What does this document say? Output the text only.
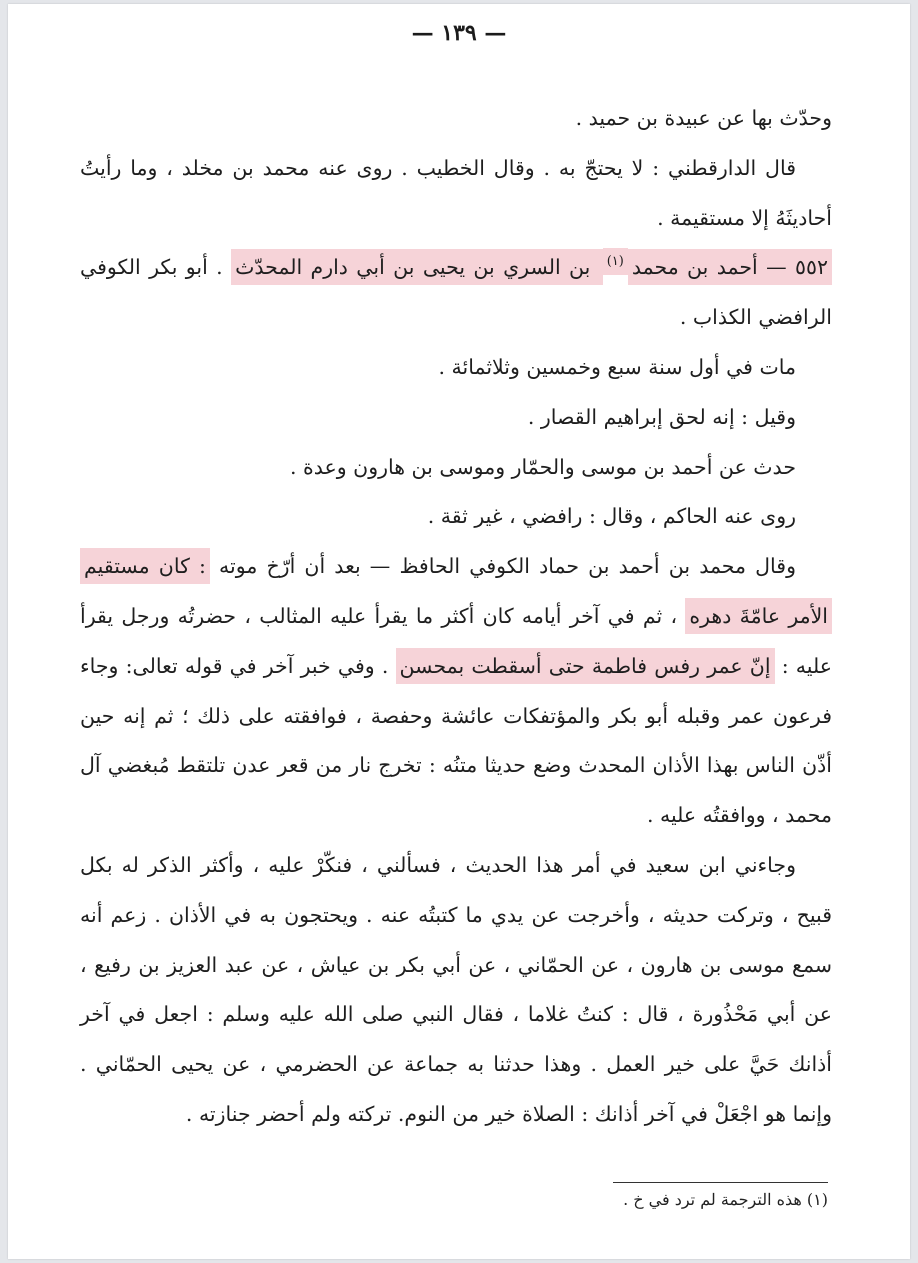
— ١٣٩ —

وحدّث بها عن عبيدة بن حميد .

قال الدارقطني : لا يحتجّ به . وقال الخطيب . روى عنه محمد بن مخلد ، وما رأيتُ أحاديثَهُ إلا مستقيمة .

٥٥٢ — أحمد بن محمد$^{(١)}$ بن السري بن يحيى بن أبي دارم المحدّث . أبو بكر الكوفي الرافضي الكذاب .

مات في أول سنة سبع وخمسين وثلاثمائة .

وقيل : إنه لحق إبراهيم القصار .

حدث عن أحمد بن موسى والحمّار وموسى بن هارون وعدة .

روى عنه الحاكم ، وقال : رافضي ، غير ثقة .

وقال محمد بن أحمد بن حماد الكوفي الحافظ — بعد أن أرّخ موته : كان مستقيم الأمر عامّةَ دهره ، ثم في آخر أيامه كان أكثر ما يقرأ عليه المثالب ، حضرتُه ورجل يقرأ عليه : إنّ عمر رفس فاطمة حتى أسقطت بمحسن . وفي خبر آخر في قوله تعالى: وجاء فرعون عمر وقبله أبو بكر والمؤتفكات عائشة وحفصة ، فوافقته على ذلك ؛ ثم إنه حين أذّن الناس بهذا الأذان المحدث وضع حديثا متنُه : تخرج نار من قعر عدن تلتقط مُبغضي آل محمد ، ووافقتُه عليه .

وجاءني ابن سعيد في أمر هذا الحديث ، فسألني ، فنكّرْ عليه ، وأكثر الذكر له بكل قبيح ، وتركت حديثه ، وأخرجت عن يدي ما كتبتُه عنه . ويحتجون به في الأذان . زعم أنه سمع موسى بن هارون ، عن الحمّاني ، عن أبي بكر بن عياش ، عن عبد العزيز بن رفيع ، عن أبي مَحْذُورة ، قال : كنتُ غلاما ، فقال النبي صلى الله عليه وسلم : اجعل في آخر أذانك حَيَّ على خير العمل . وهذا حدثنا به جماعة عن الحضرمي ، عن يحيى الحمّاني . وإنما هو اجْعَلْ في آخر أذانك : الصلاة خير من النوم. تركته ولم أحضر جنازته .

(١) هذه الترجمة لم ترد في خ .
